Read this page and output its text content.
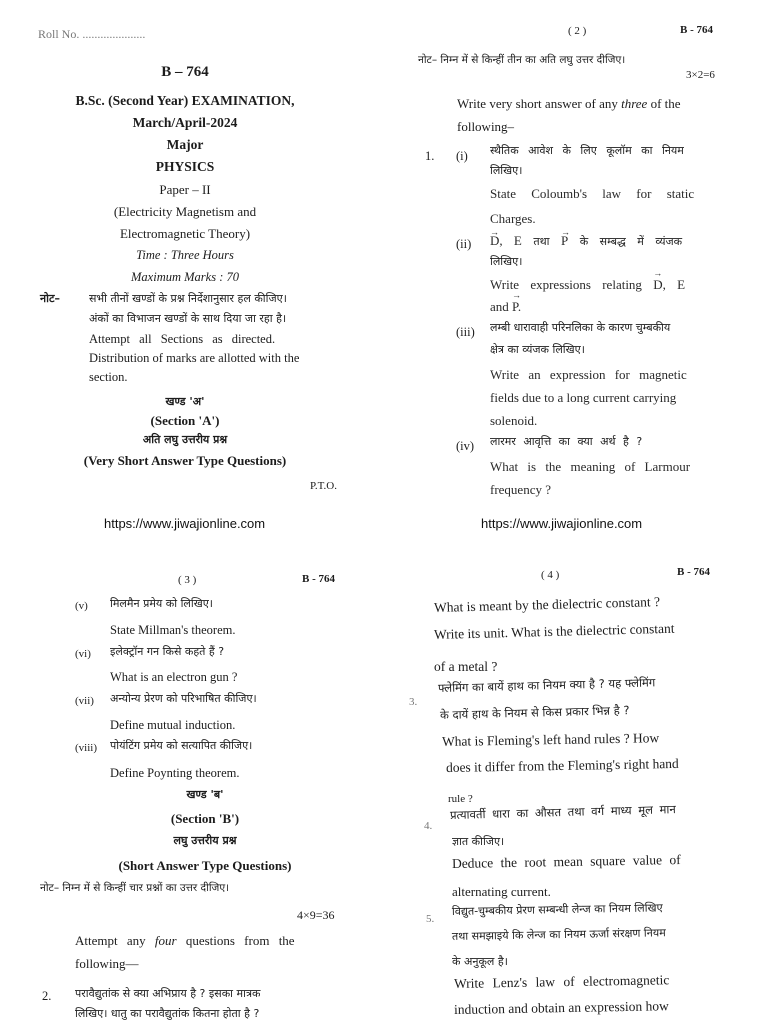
Roll No. .....................
B – 764
B.Sc. (Second Year) EXAMINATION,
March/April-2024
Major
PHYSICS
Paper – II
(Electricity Magnetism and
Electromagnetic Theory)
Time : Three Hours
Maximum Marks : 70
नोट–	सभी तीनों खण्डों के प्रश्न निर्देशानुसार हल कीजिए।
अंकों का विभाजन खण्डों के साथ दिया जा रहा है।
Attempt all Sections as directed.
Distribution of marks are allotted with the
section.
खण्ड 'अ'
(Section 'A')
अति लघु उत्तरीय प्रश्न
(Very Short Answer Type Questions)
P.T.O.
https://www.jiwajionline.com
( 2 )	B - 764
नोट– निम्न में से किन्हीं तीन का अति लघु उत्तर दीजिए।
3×2=6
Write very short answer of any three of the
following–
1. (i) स्थैतिक आवेश के लिए कूलॉम का नियम
लिखिए।
State Coloumb's law for static
Charges.
(ii) → D, E तथा → P के सम्बद्ध में व्यंजक
लिखिए।
Write expressions relating → D, E
and → P.
(iii) लम्बी धारावाही परिनलिका के कारण चुम्बकीय
क्षेत्र का व्यंजक लिखिए।
Write an expression for magnetic
fields due to a long current carrying
solenoid.
(iv) लारमर आवृत्ति का क्या अर्थ है ?
What is the meaning of Larmour
frequency ?
https://www.jiwajionline.com
( 3 )	B - 764
(v) मिलमैन प्रमेय को लिखिए।
State Millman's theorem.
(vi) इलेक्ट्रॉन गन किसे कहते हैं ?
What is an electron gun ?
(vii) अन्योन्य प्रेरण को परिभाषित कीजिए।
Define mutual induction.
(viii) पोयंटिंग प्रमेय को सत्यापित कीजिए।
Define Poynting theorem.
खण्ड 'ब'
(Section 'B')
लघु उत्तरीय प्रश्न
(Short Answer Type Questions)
नोट– निम्न में से किन्हीं चार प्रश्नों का उत्तर दीजिए।
4×9=36
Attempt any four questions from the
following—
2. परावैद्युतांक से क्या अभिप्राय है ? इसका मात्रक
लिखिए। धातु का परावैद्युतांक कितना होता है ?
( 4 )	B - 764
What is meant by the dielectric constant ?
Write its unit. What is the dielectric constant
of a metal ?
3.
फ्लेमिंग का बायें हाथ का नियम क्या है ? यह फ्लेमिंग
के दायें हाथ के नियम से किस प्रकार भिन्न है ?
What is Fleming's left hand rules ? How
does it differ from the Fleming's right hand
rule ?
4.
प्रत्यावर्ती धारा का औसत तथा वर्ग माध्य मूल मान
ज्ञात कीजिए।
Deduce the root mean square value of
alternating current.
5.
विद्युत-चुम्बकीय प्रेरण सम्बन्धी लेन्ज का नियम लिखिए
तथा समझाइये कि लेन्ज का नियम ऊर्जा संरक्षण नियम
के अनुकूल है।
Write Lenz's law of electromagnetic
induction and obtain an expression how
